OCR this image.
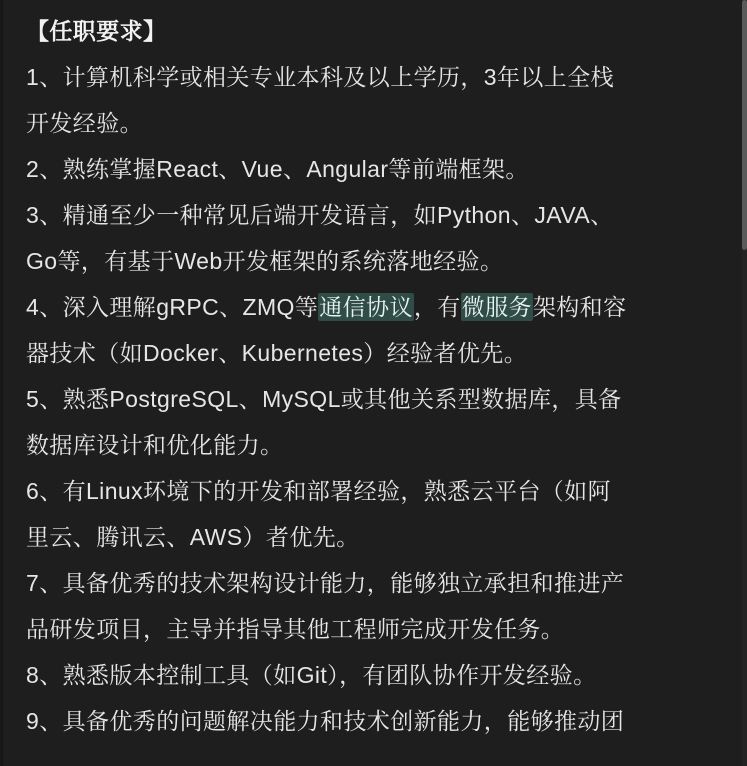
【任职要求】
1、计算机科学或相关专业本科及以上学历，3年以上全栈
开发经验。
2、熟练掌握React、Vue、Angular等前端框架。
3、精通至少一种常见后端开发语言，如Python、JAVA、
Go等，有基于Web开发框架的系统落地经验。
4、深入理解gRPC、ZMQ等通信协议，有微服务架构和容
器技术（如Docker、Kubernetes）经验者优先。
5、熟悉PostgreSQL、MySQL或其他关系型数据库，具备
数据库设计和优化能力。
6、有Linux环境下的开发和部署经验，熟悉云平台（如阿
里云、腾讯云、AWS）者优先。
7、具备优秀的技术架构设计能力，能够独立承担和推进产
品研发项目，主导并指导其他工程师完成开发任务。
8、熟悉版本控制工具（如Git），有团队协作开发经验。
9、具备优秀的问题解决能力和技术创新能力，能够推动团
